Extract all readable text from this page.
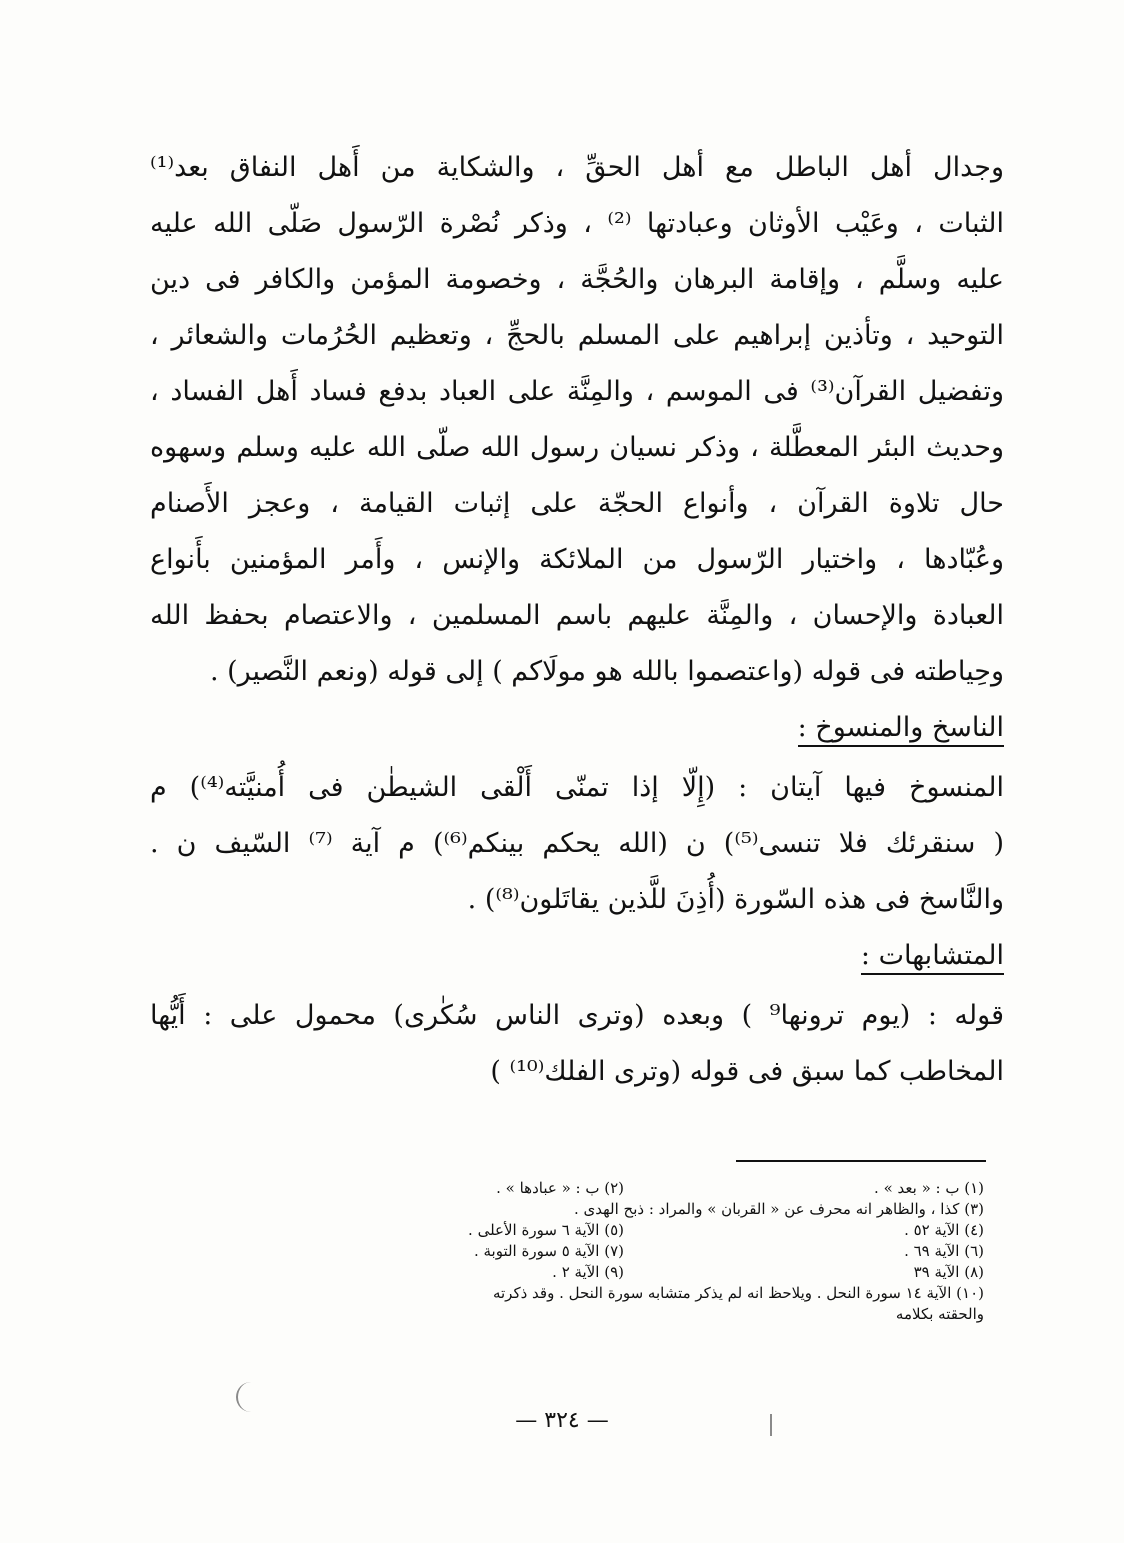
وجدال أهل الباطل مع أهل الحقِّ ، والشكاية من أَهل النفاق بعد⁽¹⁾
الثبات ، وعَيْب الأوثان وعبادتها ⁽²⁾ ، وذكر نُصْرة الرّسول صَلّى الله عليه
عليه وسلَّم ، وإقامة البرهان والحُجَّة ، وخصومة المؤمن والكافر فى دين
التوحيد ، وتأذين إبراهيم على المسلم بالحجِّ ، وتعظيم الحُرُمات والشعائر ،
وتفضيل القرآن⁽³⁾ فى الموسم ، والمِنَّة على العباد بدفع فساد أَهل الفساد ،
وحديث البئر المعطَّلة ، وذكر نسيان رسول الله صلّى الله عليه وسلم وسهوه
حال تلاوة القرآن ، وأنواع الحجّة على إثبات القيامة ، وعجز الأَصنام
وعُبّادها ، واختيار الرّسول من الملائكة والإنس ، وأَمر المؤمنين بأَنواع
العبادة والإحسان ، والمِنَّة عليهم باسم المسلمين ، والاعتصام بحفظ الله
وحِياطته فى قوله (واعتصموا بالله هو مولَاكم ) إلى قوله (ونعم النَّصير) .
الناسخ والمنسوخ :
المنسوخ فيها آيتان : (إِلّا إذا تمنّى أَلْقى الشيطٰن فى أُمنيَّته⁽⁴⁾) م
( سنقرئك فلا تنسى⁽⁵⁾) ن (الله يحكم بينكم⁽⁶⁾) م آية ⁽⁷⁾ السّيف ن .
والنَّاسخ فى هذه السّورة (أُذِنَ للَّذين يقاتَلون⁽⁸⁾) .
المتشابهات :
قوله : (يوم ترونها⁹ ) وبعده (وترى الناس سُكٰرى) محمول على : أَيُّها
المخاطب كما سبق فى قوله (وترى الفلك⁽¹⁰⁾ )
(١) ب : « بعد » .
(٢) ب : « عبادها » .
(٣) كذا ، والظاهر انه محرف عن « القربان » والمراد : ذبح الهدى .
(٤) الآية ٥٢ .
(٥) الآية ٦ سورة الأعلى .
(٦) الآية ٦٩ .
(٧) الآية ٥ سورة التوبة .
(٨) الآية ٣٩
(٩) الآية ٢ .
(١٠) الآية ١٤ سورة النحل . ويلاحظ انه لم يذكر متشابه سورة النحل . وقد ذكرته
والحقته بكلامه
— ٣٢٤ —
